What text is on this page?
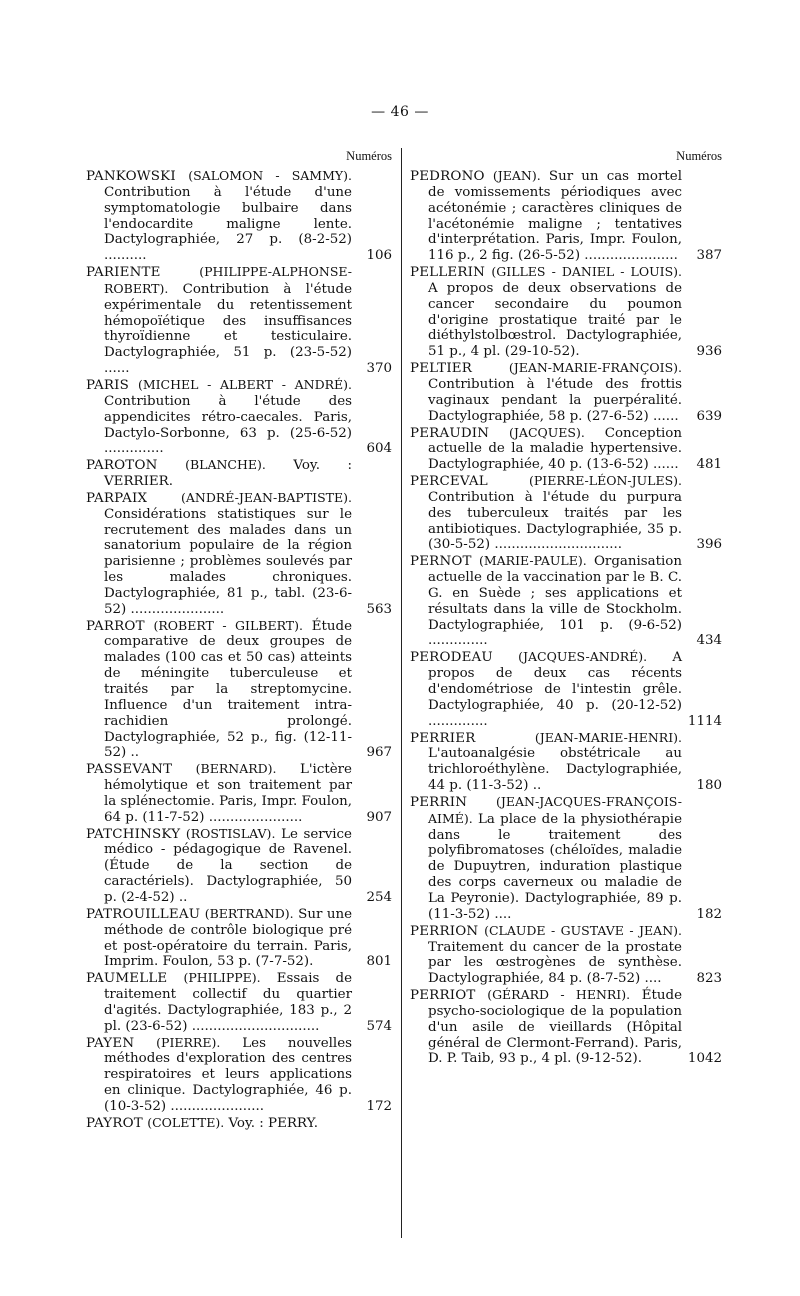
— 46 —
Numéros
PANKOWSKI (SALOMON - SAMMY). Contribution à l'étude d'une symptomatologie bulbaire dans l'endocardite maligne lente. Dactylographiée, 27 p. (8-2-52) ..........	106
PARIENTE	(PHILIPPE-ALPHONSE-ROBERT). Contribution à l'étude expérimentale du retentissement hémopoïétique des insuffisances thyroïdienne et testiculaire. Dactylographiée, 51 p. (23-5-52) ......	370
PARIS (MICHEL - ALBERT - ANDRÉ). Contribution à l'étude des appendicites rétro-caecales. Paris, Dactylo-Sorbonne, 63 p. (25-6-52) ..............	604
PAROTON (BLANCHE). Voy. : VERRIER.
PARPAIX	(ANDRÉ-JEAN-BAPTISTE). Considérations statistiques sur le recrutement des malades dans un sanatorium populaire de la région parisienne ; problèmes soulevés par les malades chroniques. Dactylographiée, 81 p., tabl. (23-6-52) ......................	563
PARROT (ROBERT - GILBERT). Étude comparative de deux groupes de malades (100 cas et 50 cas) atteints de méningite tuberculeuse et traités par la streptomycine. Influence d'un traitement intra-rachidien prolongé. Dactylographiée, 52 p., fig. (12-11-52) ..	967
PASSEVANT (BERNARD). L'ictère hémolytique et son traitement par la splénectomie. Paris, Impr. Foulon, 64 p. (11-7-52) ......................	907
PATCHINSKY (ROSTISLAV). Le service médico - pédagogique de Ravenel. (Étude de la section de caractériels). Dactylographiée, 50 p. (2-4-52) ..	254
PATROUILLEAU (BERTRAND). Sur une méthode de contrôle biologique pré et post-opératoire du terrain. Paris, Imprim. Foulon, 53 p. (7-7-52).	801
PAUMELLE (PHILIPPE). Essais de traitement collectif du quartier d'agités. Dactylographiée, 183 p., 2 pl. (23-6-52) ..............................	574
PAYEN (PIERRE). Les nouvelles méthodes d'exploration des centres respiratoires et leurs applications en clinique. Dactylographiée, 46 p. (10-3-52) ......................	172
PAYROT (COLETTE). Voy. : PERRY.
Numéros
PEDRONO (JEAN). Sur un cas mortel de vomissements périodiques avec acétonémie ; caractères cliniques de l'acétonémie maligne ; tentatives d'interprétation. Paris, Impr. Foulon, 116 p., 2 fig. (26-5-52) ......................	387
PELLERIN (GILLES - DANIEL - LOUIS). A propos de deux observations de cancer secondaire du poumon d'origine prostatique traité par le diéthylstolbœstrol. Dactylographiée, 51 p., 4 pl. (29-10-52).	936
PELTIER	(JEAN-MARIE-FRANÇOIS). Contribution à l'étude des frottis vaginaux pendant la puerpéralité. Dactylographiée, 58 p. (27-6-52) ......	639
PERAUDIN (JACQUES). Conception actuelle de la maladie hypertensive. Dactylographiée, 40 p. (13-6-52) ......	481
PERCEVAL	(PIERRE-LÉON-JULES). Contribution à l'étude du purpura des tuberculeux traités par les antibiotiques. Dactylographiée, 35 p. (30-5-52) ..............................	396
PERNOT (MARIE-PAULE). Organisation actuelle de la vaccination par le B. C. G. en Suède ; ses applications et résultats dans la ville de Stockholm. Dactylographiée, 101 p. (9-6-52) ..............	434
PERODEAU (JACQUES-ANDRÉ). A propos de deux cas récents d'endométriose de l'intestin grêle. Dactylographiée, 40 p. (20-12-52) ..............	1114
PERRIER	(JEAN-MARIE-HENRI). L'autoanalgésie obstétricale au trichloroéthylène. Dactylographiée, 44 p. (11-3-52) ..	180
PERRIN (JEAN-JACQUES-FRANÇOIS-AIMÉ). La place de la physiothérapie dans le traitement des polyfibromatoses (chéloïdes, maladie de Dupuytren, induration plastique des corps caverneux ou maladie de La Peyronie). Dactylographiée, 89 p. (11-3-52) ....	182
PERRION (CLAUDE - GUSTAVE - JEAN). Traitement du cancer de la prostate par les œstrogènes de synthèse. Dactylographiée, 84 p. (8-7-52) ....	823
PERRIOT (GÉRARD - HENRI). Étude psycho-sociologique de la population d'un asile de vieillards (Hôpital général de Clermont-Ferrand). Paris, D. P. Taib, 93 p., 4 pl. (9-12-52).	1042
